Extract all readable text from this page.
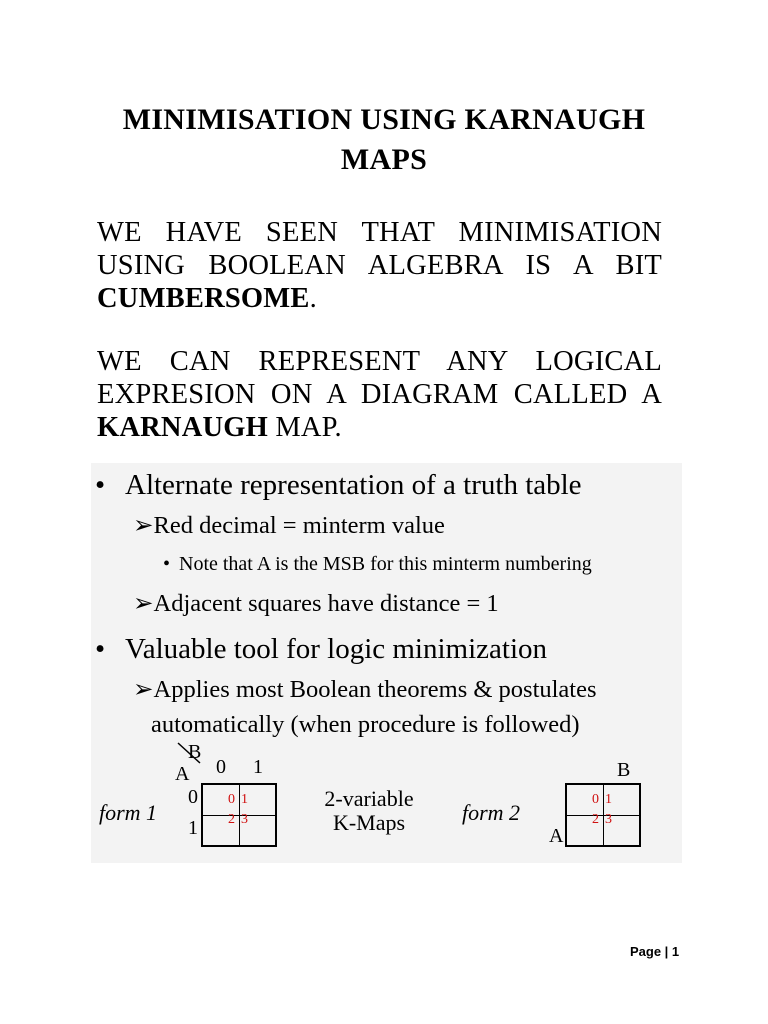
MINIMISATION USING KARNAUGH
MAPS
WE HAVE SEEN THAT MINIMISATION USING BOOLEAN ALGEBRA IS A BIT CUMBERSOME.
WE CAN REPRESENT ANY LOGICAL EXPRESION ON A DIAGRAM CALLED A KARNAUGH MAP.
• Alternate representation of a truth table
➢Red decimal = minterm value
• Note that A is the MSB for this minterm numbering
➢Adjacent squares have distance = 1
• Valuable tool for logic minimization
➢Applies most Boolean theorems & postulates
automatically (when procedure is followed)
form 1
B
A 0 1
0
1
0 1
2 3
2-variable
K-Maps	form 2
B
A
0 1
2 3
Page | 1
